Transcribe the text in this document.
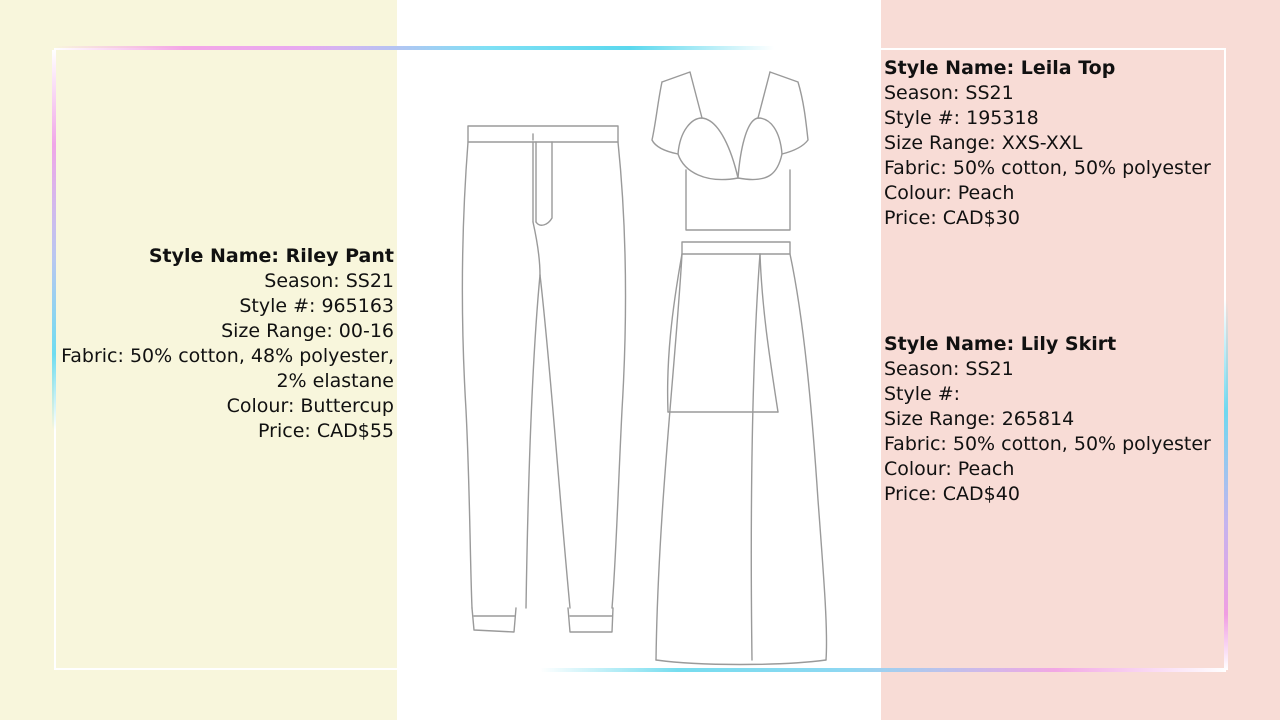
Style Name: Riley Pant
Season: SS21
Style #: 965163
Size Range: 00-16
Fabric: 50% cotton, 48% polyester,
2% elastane
Colour: Buttercup
Price: CAD$55
Style Name: Leila Top
Season: SS21
Style #: 195318
Size Range: XXS-XXL
Fabric: 50% cotton, 50% polyester
Colour: Peach
Price: CAD$30
Style Name: Lily Skirt
Season: SS21
Style #:
Size Range: 265814
Fabric: 50% cotton, 50% polyester
Colour: Peach
Price: CAD$40
